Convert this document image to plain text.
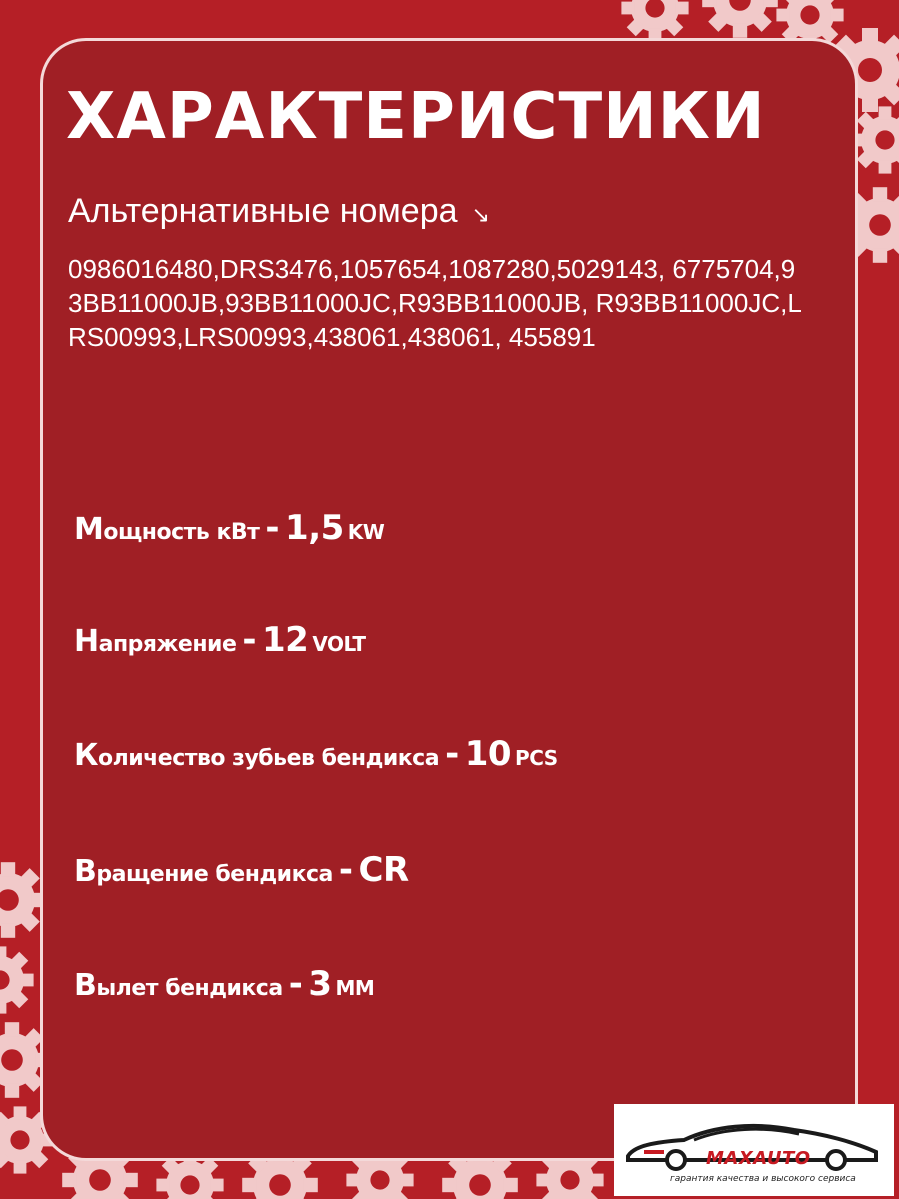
ХАРАКТЕРИСТИКИ
Альтернативные номера ↘

0986016480,DRS3476,1057654,1087280,5029143, 6775704,93BB11000JB,93BB11000JC,R93BB11000JB, R93BB11000JC,LRS00993,LRS00993,438061,438061, 455891

Мощность кВт - 1,5 KW
Напряжение - 12 VOLT
Количество зубьев бендикса - 10 PCS
Вращение бендикса - CR
Вылет бендикса - 3 ММ
MAXAUTO
гарантия качества и высокого сервиса
